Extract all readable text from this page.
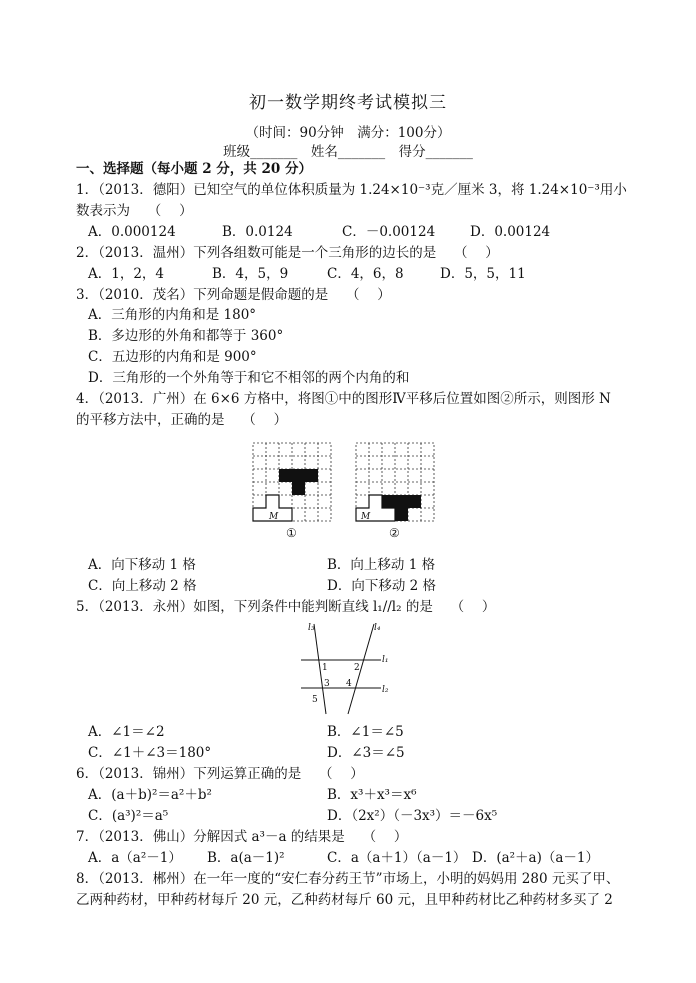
初一数学期终考试模拟三
（时间：90分钟　满分：100分）
班级_______　姓名_______　得分_______
一、选择题（每小题 2 分，共 20 分）
1．（2013．德阳）已知空气的单位体积质量为 1.24×10⁻³克／厘米 3，将 1.24×10⁻³用小
数表示为　 （　 ）
A．0.000124	B．0.0124	C．－0.00124	D．0.00124
2．（2013．温州）下列各组数可能是一个三角形的边长的是　 （　 ）
A．1，2，4	B．4，5，9	C．4，6，8	D．5，5，11
3．（2010．茂名）下列命题是假命题的是　 （　 ）
A．三角形的内角和是 180°
B．多边形的外角和都等于 360°
C．五边形的内角和是 900°
D．三角形的一个外角等于和它不相邻的两个内角的和
4．（2013．广州）在 6×6 方格中，将图①中的图形Ⅳ平移后位置如图②所示，则图形 N
的平移方法中，正确的是　 （　 ）
M
①
M
②
A．向下移动 1 格	B．向上移动 1 格
C．向上移动 2 格	D．向下移动 2 格
5．（2013．永州）如图，下列条件中能判断直线 l₁//l₂ 的是　 （　 ）
l₃	l₄
l₁
l₂
1	2
3 4
5
A．∠1＝∠2	B．∠1＝∠5
C．∠1＋∠3＝180°	D．∠3＝∠5
6．（2013．锦州）下列运算正确的是　 （　 ）
A．(a＋b)²＝a²＋b²	B．x³＋x³＝x⁶
C．(a³)²＝a⁵	D．（2x²）（－3x³）＝－6x⁵
7．（2013．佛山）分解因式 a³－a 的结果是　 （　 ）
A．a（a²－1） B．a(a－1)²	C．a（a＋1）（a－1） D．(a²＋a)（a－1）
8．（2013．郴州）在一年一度的“安仁春分药王节”市场上，小明的妈妈用 280 元买了甲、
乙两种药材，甲种药材每斤 20 元，乙种药材每斤 60 元，且甲种药材比乙种药材多买了 2
